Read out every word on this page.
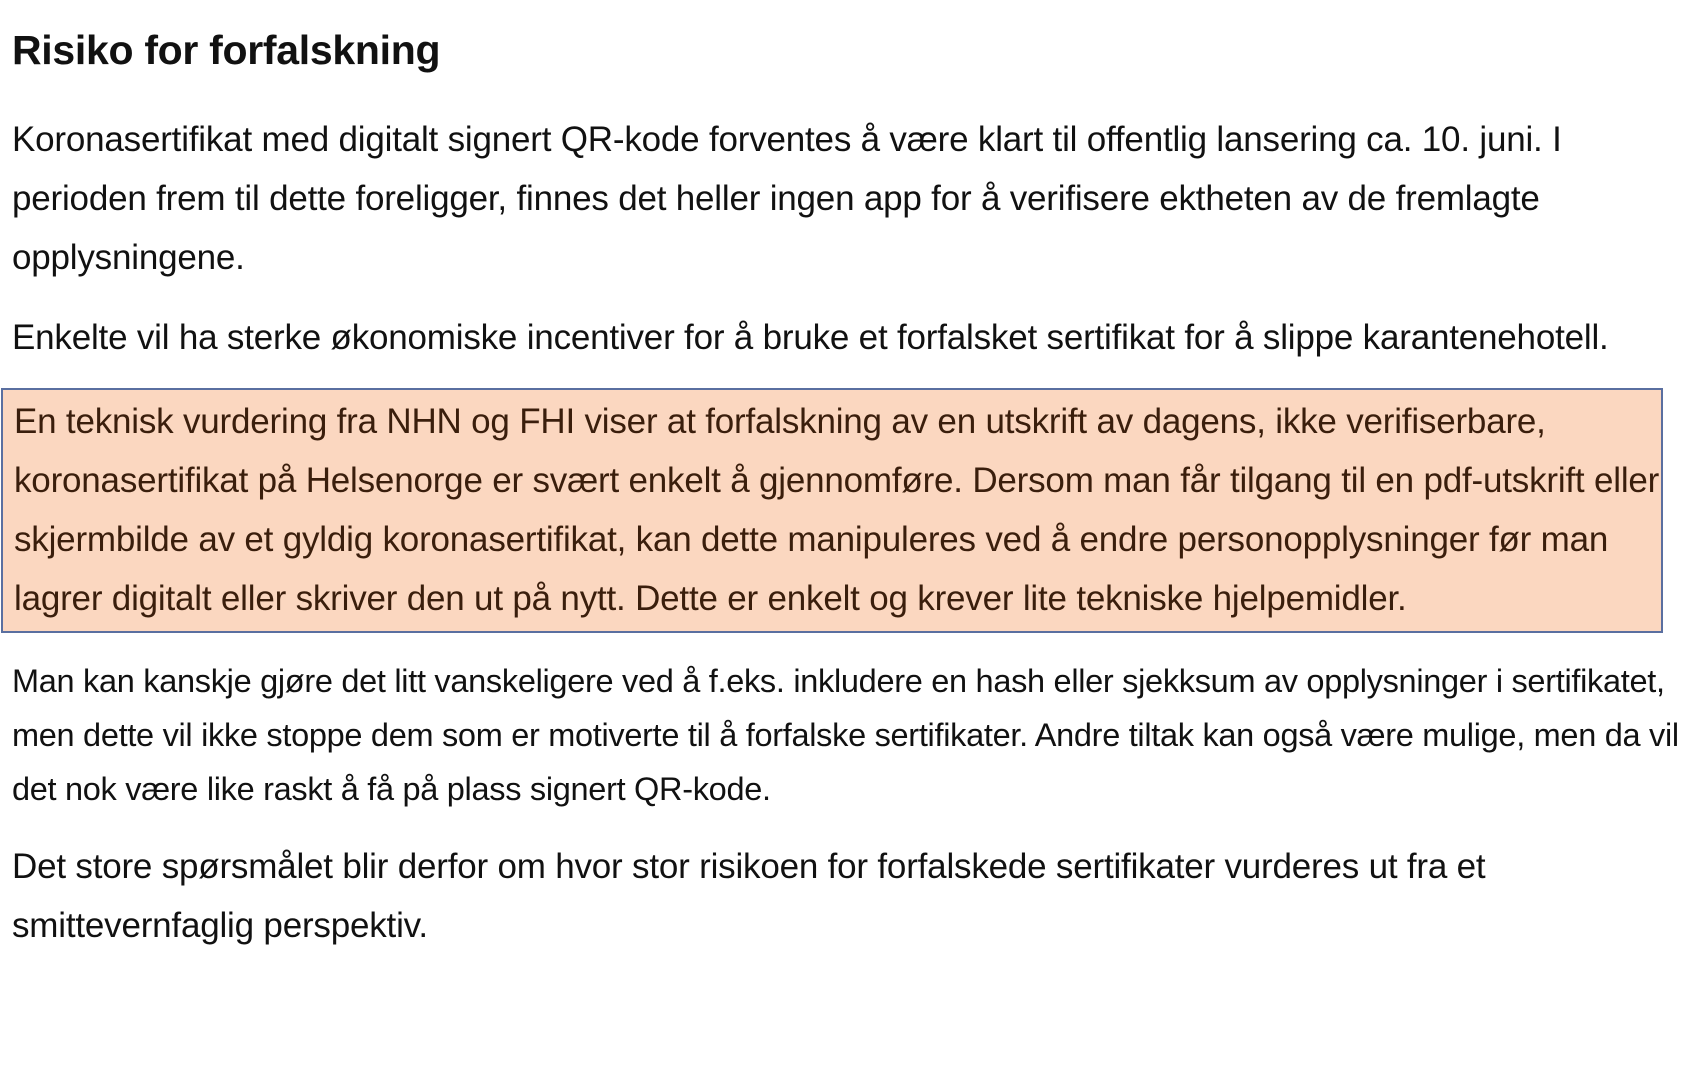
Risiko for forfalskning

Koronasertifikat med digitalt signert QR-kode forventes å være klart til offentlig lansering ca. 10. juni. I perioden frem til dette foreligger, finnes det heller ingen app for å verifisere ektheten av de fremlagte opplysningene.

Enkelte vil ha sterke økonomiske incentiver for å bruke et forfalsket sertifikat for å slippe karantenehotell.

En teknisk vurdering fra NHN og FHI viser at forfalskning av en utskrift av dagens, ikke verifiserbare, koronasertifikat på Helsenorge er svært enkelt å gjennomføre. Dersom man får tilgang til en pdf-utskrift eller skjermbilde av et gyldig koronasertifikat, kan dette manipuleres ved å endre personopplysninger før man lagrer digitalt eller skriver den ut på nytt. Dette er enkelt og krever lite tekniske hjelpemidler.

Man kan kanskje gjøre det litt vanskeligere ved å f.eks. inkludere en hash eller sjekksum av opplysninger i sertifikatet, men dette vil ikke stoppe dem som er motiverte til å forfalske sertifikater. Andre tiltak kan også være mulige, men da vil det nok være like raskt å få på plass signert QR-kode.

Det store spørsmålet blir derfor om hvor stor risikoen for forfalskede sertifikater vurderes ut fra et smittevernfaglig perspektiv.
